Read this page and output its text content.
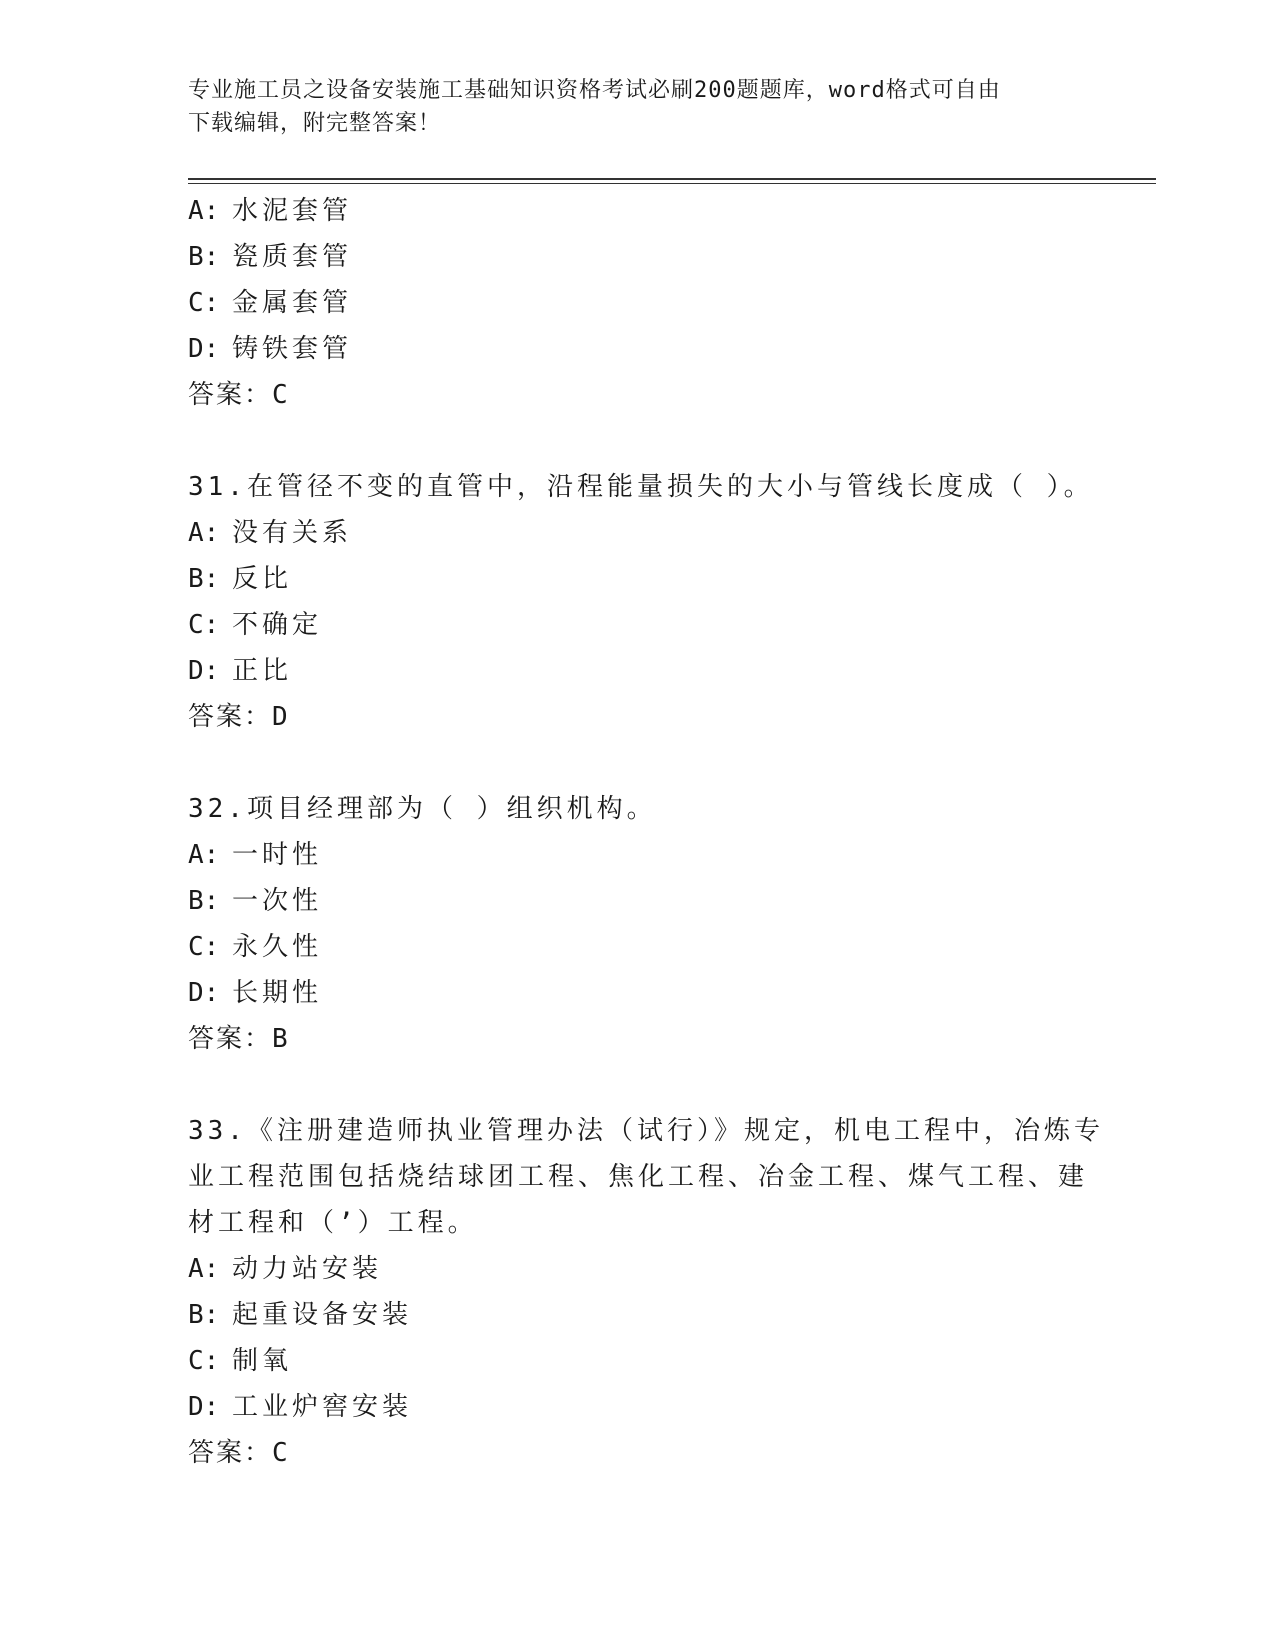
专业施工员之设备安装施工基础知识资格考试必刷200题题库，word格式可自由
下载编辑，附完整答案！
A: 水泥套管
B: 瓷质套管
C: 金属套管
D: 铸铁套管
答案：C
31.在管径不变的直管中，沿程能量损失的大小与管线长度成（ ）。
A: 没有关系
B: 反比
C: 不确定
D: 正比
答案：D
32.项目经理部为（ ）组织机构。
A: 一时性
B: 一次性
C: 永久性
D: 长期性
答案：B
33.《注册建造师执业管理办法（试行）》规定，机电工程中，冶炼专
业工程范围包括烧结球团工程、焦化工程、冶金工程、煤气工程、建
材工程和（’）工程。
A: 动力站安装
B: 起重设备安装
C: 制氧
D: 工业炉窖安装
答案：C
